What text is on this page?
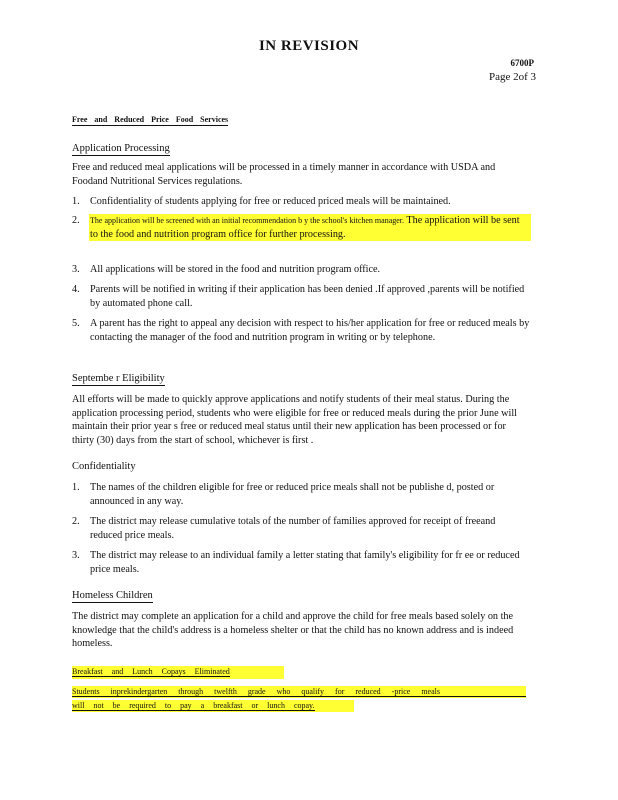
IN REVISION
6700P
Page 2of 3
Free and Reduced Price Food Services
Application Processing
Free and reduced meal applications will be processed in a timely manner in accordance with USDA and Foodand Nutritional Services regulations.
1.	Confidentiality of students applying for free or reduced priced meals will be maintained.
2.	The application will be screened with an initial recommendation b y the school's kitchen manager. The application will be sent to the food and nutrition program office for further processing.
3.	All applications will be stored in the food and nutrition program office.
4.	Parents will be notified in writing if their application has been denied .If approved ,parents will be notified by automated phone call.
5.	A parent has the right to appeal any decision with respect to his/her application for free or reduced meals by contacting the manager of the food and nutrition program in writing or by telephone.
Septembe r Eligibility
All efforts will be made to quickly approve applications and notify students of their meal status. During the application processing period, students who were eligible for free or reduced meals during the prior June will maintain their prior year s free or reduced meal status until their new application has been processed or for thirty (30) days from the start of school, whichever is first .
Confidentiality
1.	The names of the children eligible for free or reduced price meals shall not be publishe d, posted or announced in any way.
2.	The district may release cumulative totals of the number of families approved for receipt of freeand reduced price meals.
3.	The district may release to an individual family a letter stating that family's eligibility for fr ee or reduced price meals.
Homeless Children
The district may complete an application for a child and approve the child for free meals based solely on the knowledge that the child's address is a homeless shelter or that the child has no known address and is indeed homeless.
Breakfast and Lunch Copays Eliminated
Students inprekindergarten through twelfth grade who qualify for reduced -price meals
will not be required to pay a breakfast or lunch copay.
